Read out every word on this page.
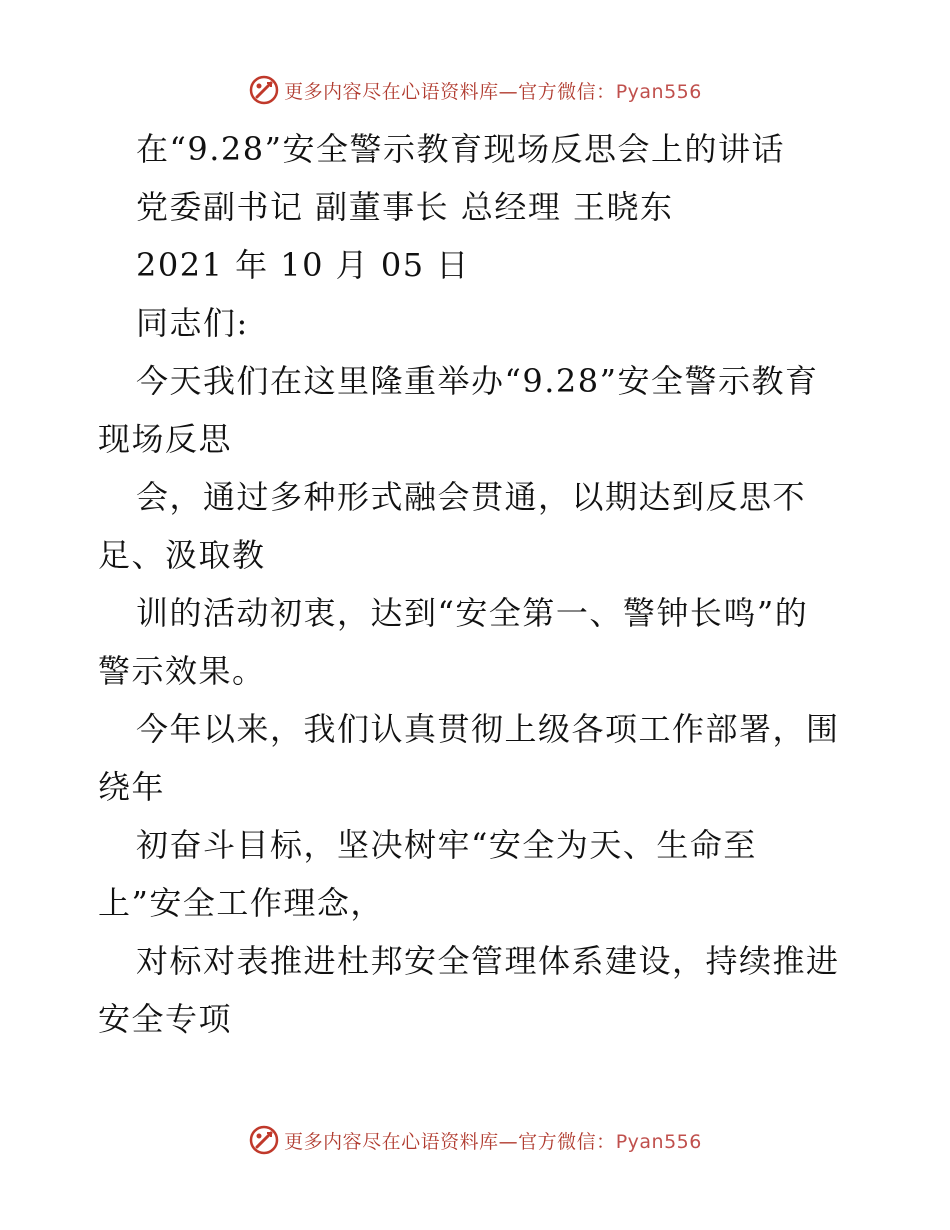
更多内容尽在心语资料库—官方微信：Pyan556
在“9.28”安全警示教育现场反思会上的讲话
党委副书记 副董事长 总经理 王晓东
2021 年 10 月 05 日
同志们:
今天我们在这里隆重举办“9.28”安全警示教育
现场反思
会，通过多种形式融会贯通，以期达到反思不
足、汲取教
训的活动初衷，达到“安全第一、警钟长鸣”的
警示效果。
今年以来，我们认真贯彻上级各项工作部署，围
绕年
初奋斗目标，坚决树牢“安全为天、生命至
上”安全工作理念，
对标对表推进杜邦安全管理体系建设，持续推进
安全专项
更多内容尽在心语资料库—官方微信：Pyan556
